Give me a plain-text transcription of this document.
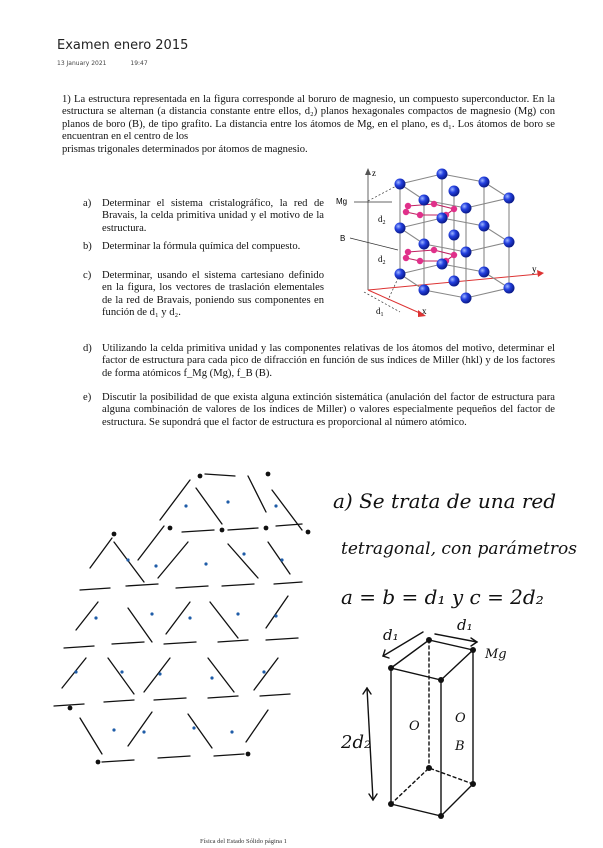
Examen enero 2015
13 January 2021	19:47
1) La estructura representada en la figura corresponde al boruro de magnesio, un compuesto superconductor. En la estructura se alternan (a distancia constante entre ellos, d₂) planos hexagonales compactos de magnesio (Mg) con planos de boro (B), de tipo grafito. La distancia entre los átomos de Mg, en el plano, es d₁. Los átomos de boro se encuentran en el centro de los
prismas trigonales determinados por átomos de magnesio.
a) Determinar el sistema cristalográfico, la red de Bravais, la celda primitiva unidad y el motivo de la estructura.
b) Determinar la fórmula química del compuesto.
c) Determinar, usando el sistema cartesiano definido en la figura, los vectores de traslación elementales de la red de Bravais, poniendo sus componentes en función de d₁ y d₂.
d) Utilizando la celda primitiva unidad y las componentes relativas de los átomos del motivo, determinar el factor de estructura para cada pico de difracción en función de sus índices de Miller (hkl) y de los factores de forma atómicos f_Mg (Mg), f_B (B).
e) Discutir la posibilidad de que exista alguna extinción sistemática (anulación del factor de estructura para alguna combinación de valores de los índices de Miller) o valores especialmente pequeños del factor de estructura. Se supondrá que el factor de estructura es proporcional al número atómico.
z
y
x
Mg
B
$d_2$
$d_2$
$d_1$
a) Se trata de una red
tetragonal, con parámetros
a = b = d₁ y c = 2d₂
d₁
d₁
Mg
O
O
B
2d₂
Física del Estado Sólido página 1
